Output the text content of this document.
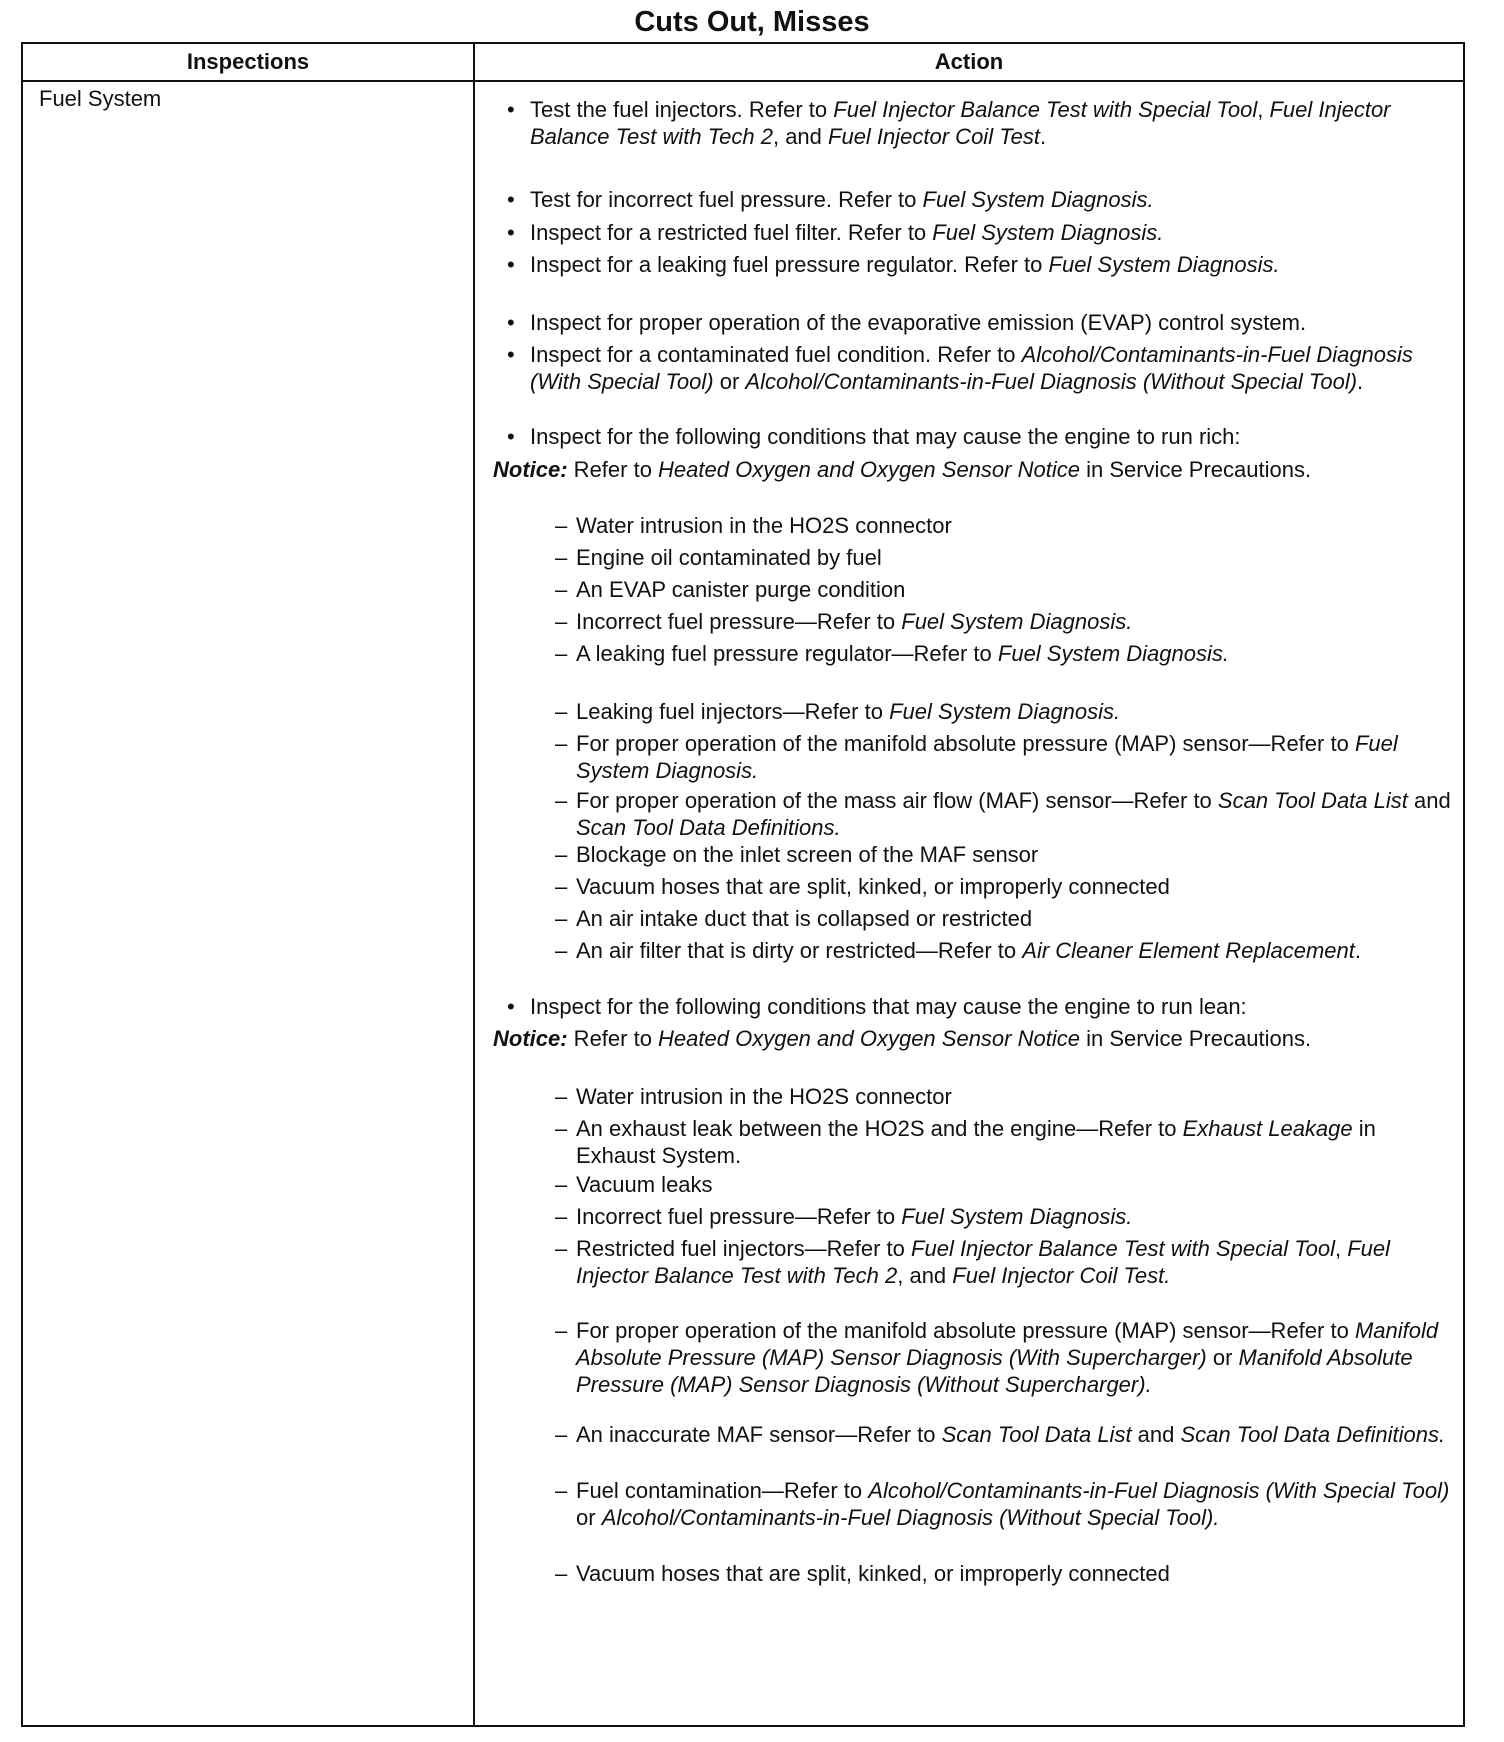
Cuts Out, Misses
Inspections	Action
Fuel System	• Test the fuel injectors. Refer to Fuel Injector Balance Test with Special Tool, Fuel Injector Balance Test with Tech 2, and Fuel Injector Coil Test.
• Test for incorrect fuel pressure. Refer to Fuel System Diagnosis.
• Inspect for a restricted fuel filter. Refer to Fuel System Diagnosis.
• Inspect for a leaking fuel pressure regulator. Refer to Fuel System Diagnosis.
• Inspect for proper operation of the evaporative emission (EVAP) control system.
• Inspect for a contaminated fuel condition. Refer to Alcohol/Contaminants-in-Fuel Diagnosis (With Special Tool) or Alcohol/Contaminants-in-Fuel Diagnosis (Without Special Tool).
• Inspect for the following conditions that may cause the engine to run rich:
Notice: Refer to Heated Oxygen and Oxygen Sensor Notice in Service Precautions.
– Water intrusion in the HO2S connector
– Engine oil contaminated by fuel
– An EVAP canister purge condition
– Incorrect fuel pressure—Refer to Fuel System Diagnosis.
– A leaking fuel pressure regulator—Refer to Fuel System Diagnosis.
– Leaking fuel injectors—Refer to Fuel System Diagnosis.
– For proper operation of the manifold absolute pressure (MAP) sensor—Refer to Fuel System Diagnosis.
– For proper operation of the mass air flow (MAF) sensor—Refer to Scan Tool Data List and Scan Tool Data Definitions.
– Blockage on the inlet screen of the MAF sensor
– Vacuum hoses that are split, kinked, or improperly connected
– An air intake duct that is collapsed or restricted
– An air filter that is dirty or restricted—Refer to Air Cleaner Element Replacement.
• Inspect for the following conditions that may cause the engine to run lean:
Notice: Refer to Heated Oxygen and Oxygen Sensor Notice in Service Precautions.
– Water intrusion in the HO2S connector
– An exhaust leak between the HO2S and the engine—Refer to Exhaust Leakage in Exhaust System.
– Vacuum leaks
– Incorrect fuel pressure—Refer to Fuel System Diagnosis.
– Restricted fuel injectors—Refer to Fuel Injector Balance Test with Special Tool, Fuel Injector Balance Test with Tech 2, and Fuel Injector Coil Test.
– For proper operation of the manifold absolute pressure (MAP) sensor—Refer to Manifold Absolute Pressure (MAP) Sensor Diagnosis (With Supercharger) or Manifold Absolute Pressure (MAP) Sensor Diagnosis (Without Supercharger).
– An inaccurate MAF sensor—Refer to Scan Tool Data List and Scan Tool Data Definitions.
– Fuel contamination—Refer to Alcohol/Contaminants-in-Fuel Diagnosis (With Special Tool) or Alcohol/Contaminants-in-Fuel Diagnosis (Without Special Tool).
– Vacuum hoses that are split, kinked, or improperly connected
